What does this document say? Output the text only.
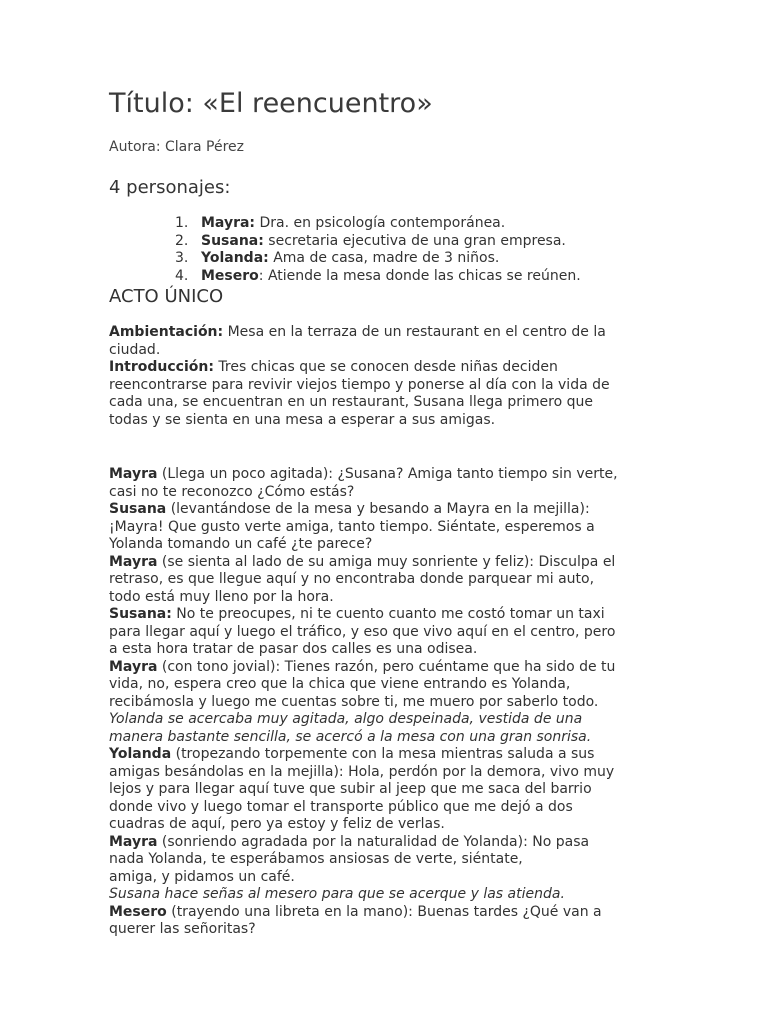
Título: «El reencuentro»
Autora: Clara Pérez
4 personajes:
1. Mayra: Dra. en psicología contemporánea.
2. Susana: secretaria ejecutiva de una gran empresa.
3. Yolanda: Ama de casa, madre de 3 niños.
4. Mesero: Atiende la mesa donde las chicas se reúnen.
ACTO ÚNICO

Ambientación: Mesa en la terraza de un restaurant en el centro de la

ciudad.

Introducción: Tres chicas que se conocen desde niñas deciden

reencontrarse para revivir viejos tiempo y ponerse al día con la vida de

cada una, se encuentran en un restaurant, Susana llega primero que

todas y se sienta en una mesa a esperar a sus amigas.

Mayra (Llega un poco agitada): ¿Susana? Amiga tanto tiempo sin verte,

casi no te reconozco ¿Cómo estás?

Susana (levantándose de la mesa y besando a Mayra en la mejilla):

¡Mayra! Que gusto verte amiga, tanto tiempo. Siéntate, esperemos a

Yolanda tomando un café ¿te parece?

Mayra (se sienta al lado de su amiga muy sonriente y feliz): Disculpa el

retraso, es que llegue aquí y no encontraba donde parquear mi auto,

todo está muy lleno por la hora.

Susana: No te preocupes, ni te cuento cuanto me costó tomar un taxi

para llegar aquí y luego el tráfico, y eso que vivo aquí en el centro, pero

a esta hora tratar de pasar dos calles es una odisea.

Mayra (con tono jovial): Tienes razón, pero cuéntame que ha sido de tu

vida, no, espera creo que la chica que viene entrando es Yolanda,

recibámosla y luego me cuentas sobre ti, me muero por saberlo todo.

Yolanda se acercaba muy agitada, algo despeinada, vestida de una

manera bastante sencilla, se acercó a la mesa con una gran sonrisa.

Yolanda (tropezando torpemente con la mesa mientras saluda a sus

amigas besándolas en la mejilla): Hola, perdón por la demora, vivo muy

lejos y para llegar aquí tuve que subir al jeep que me saca del barrio

donde vivo y luego tomar el transporte público que me dejó a dos

cuadras de aquí, pero ya estoy y feliz de verlas.

Mayra (sonriendo agradada por la naturalidad de Yolanda): No pasa

nada Yolanda, te esperábamos ansiosas de verte, siéntate,

amiga, y pidamos un café.

Susana hace señas al mesero para que se acerque y las atienda.

Mesero (trayendo una libreta en la mano): Buenas tardes ¿Qué van a

querer las señoritas?
